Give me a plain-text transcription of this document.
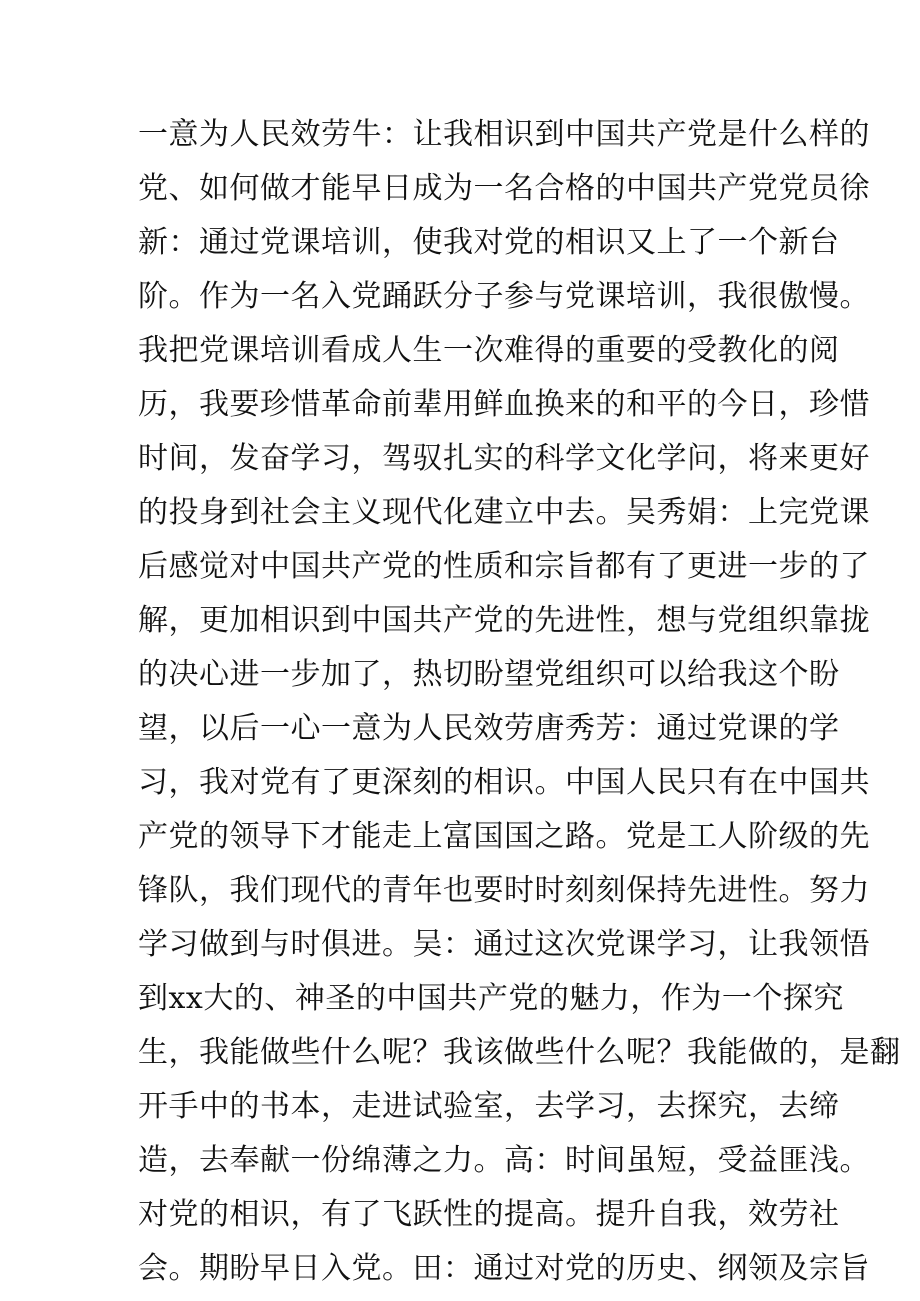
一意为人民效劳牛：让我相识到中国共产党是什么样的
党、如何做才能早日成为一名合格的中国共产党党员徐
新：通过党课培训，使我对党的相识又上了一个新台
阶。作为一名入党踊跃分子参与党课培训，我很傲慢。
我把党课培训看成人生一次难得的重要的受教化的阅
历，我要珍惜革命前辈用鲜血换来的和平的今日，珍惜
时间，发奋学习，驾驭扎实的科学文化学问，将来更好
的投身到社会主义现代化建立中去。吴秀娟：上完党课
后感觉对中国共产党的性质和宗旨都有了更进一步的了
解，更加相识到中国共产党的先进性，想与党组织靠拢
的决心进一步加了，热切盼望党组织可以给我这个盼
望，以后一心一意为人民效劳唐秀芳：通过党课的学
习，我对党有了更深刻的相识。中国人民只有在中国共
产党的领导下才能走上富国国之路。党是工人阶级的先
锋队，我们现代的青年也要时时刻刻保持先进性。努力
学习做到与时俱进。吴：通过这次党课学习，让我领悟
到xx大的、神圣的中国共产党的魅力，作为一个探究
生，我能做些什么呢？我该做些什么呢？我能做的，是翻
开手中的书本，走进试验室，去学习，去探究，去缔
造，去奉献一份绵薄之力。高：时间虽短，受益匪浅。
对党的相识，有了飞跃性的提高。提升自我，效劳社
会。期盼早日入党。田：通过对党的历史、纲领及宗旨
